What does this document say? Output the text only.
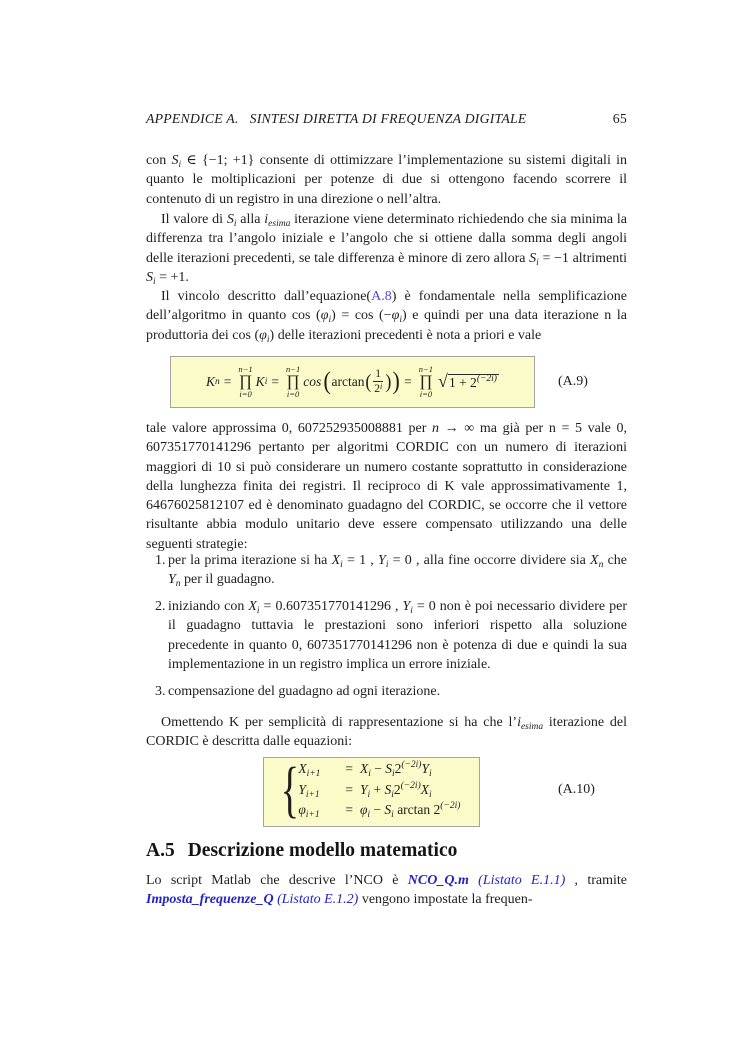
APPENDICE A. SINTESI DIRETTA DI FREQUENZA DIGITALE	65

con $S_i$ ∈ {−1; +1} consente di ottimizzare l’implementazione su sistemi digitali in quanto le moltiplicazioni per potenze di due si ottengono facendo scorrere il contenuto di un registro in una direzione o nell’altra.

Il valore di $S_i$ alla $i_{esima}$ iterazione viene determinato richiedendo che sia minima la differenza tra l’angolo iniziale e l’angolo che si ottiene dalla somma degli angoli delle iterazioni precedenti, se tale differenza è minore di zero allora $S_i = -1$ altrimenti $S_i = +1$.

Il vincolo descritto dall’equazione(A.8) è fondamentale nella semplificazione dell’algoritmo in quanto $\cos (\varphi_i) = \cos (-\varphi_i)$ e quindi per una data iterazione n la produttoria dei $\cos (\varphi_i)$ delle iterazioni precedenti è nota a priori e vale

K n =
n−1
∏
i=0
K i =
n−1
∏
i=0
cos ( arctan ( $\frac{1}{2^i}$ ) ) =
n−1
∏
i=0
√ $1 + 2^{(-2i)}$	(A.9)

tale valore approssima 0, 607252935008881 per n → ∞ ma già per n = 5 vale 0, 607351770141296 pertanto per algoritmi CORDIC con un numero di iterazioni maggiori di 10 si può considerare un numero costante soprattutto in considerazione della lunghezza finita dei registri. Il reciproco di K vale approssimativamente 1, 64676025812107 ed è denominato guadagno del CORDIC, se occorre che il vettore risultante abbia modulo unitario deve essere compensato utilizzando una delle seguenti strategie:

1. per la prima iterazione si ha $X_i = 1$ , $Y_i = 0$ , alla fine occorre dividere sia $X_n$ che $Y_n$ per il guadagno.
2. iniziando con $X_i = 0.607351770141296$ , $Y_i = 0$ non è poi necessario dividere per il guadagno tuttavia le prestazioni sono inferiori rispetto alla soluzione precedente in quanto 0, 607351770141296 non è potenza di due e quindi la sua implementazione in un registro implica un errore iniziale.
3. compensazione del guadagno ad ogni iterazione.

Omettendo K per semplicità di rappresentazione si ha che $l’i_{esima}$ iterazione del CORDIC è descritta dalle equazioni:

{ $X_{i+1}$	= $X_i - S_i2^{(-2i)}Y_i$
$Y_{i+1}$	= $Y_i + S_i2^{(-2i)}X_i$
$\varphi_{i+1}$	= $\varphi_i - S_i$ $\arctan 2^{(-2i)}$
(A.10)
A.5 Descrizione modello matematico

Lo script Matlab che descrive l’NCO è NCO_Q.m (Listato E.1.1) , tramite Imposta_frequenze_Q (Listato E.1.2) vengono impostate la frequen-
